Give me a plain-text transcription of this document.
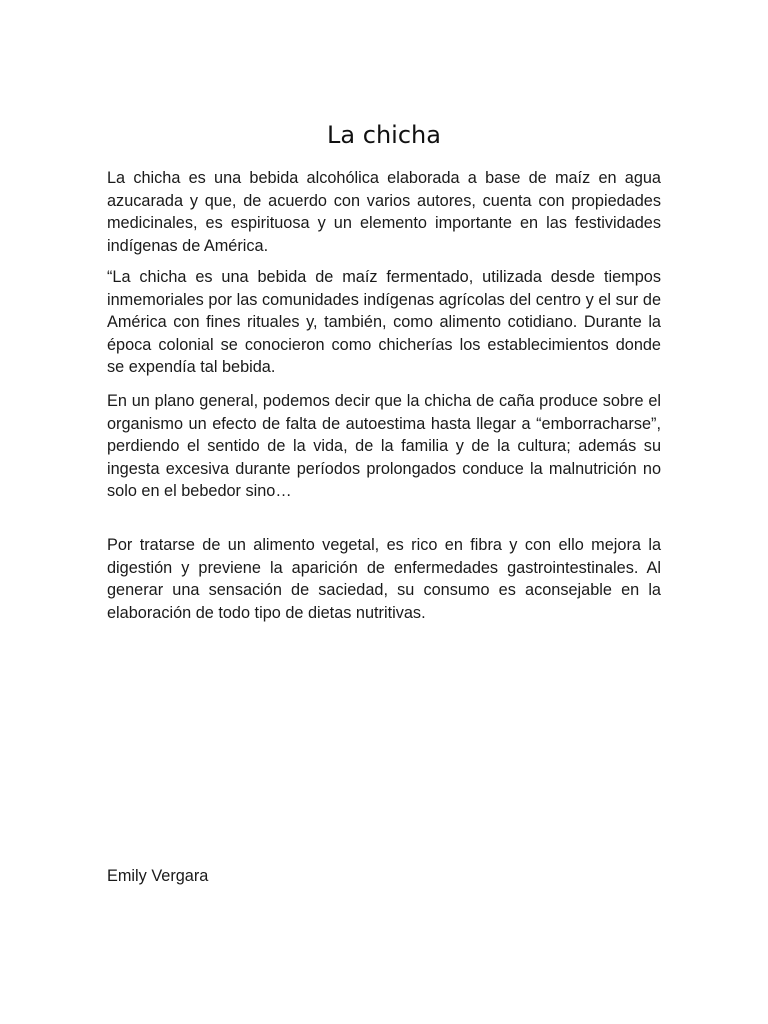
La chicha

La chicha es una bebida alcohólica elaborada a base de maíz en agua azucarada y que, de acuerdo con varios autores, cuenta con propiedades medicinales, es espirituosa y un elemento importante en las festividades indígenas de América.

“La chicha es una bebida de maíz fermentado, utilizada desde tiempos inmemoriales por las comunidades indígenas agrícolas del centro y el sur de América con fines rituales y, también, como alimento cotidiano. Durante la época colonial se conocieron como chicherías los establecimientos donde se expendía tal bebida.

En un plano general, podemos decir que la chicha de caña produce sobre el organismo un efecto de falta de autoestima hasta llegar a “emborracharse”, perdiendo el sentido de la vida, de la familia y de la cultura; además su ingesta excesiva durante períodos prolongados conduce la malnutrición no solo en el bebedor sino…

Por tratarse de un alimento vegetal, es rico en fibra y con ello mejora la digestión y previene la aparición de enfermedades gastrointestinales. Al generar una sensación de saciedad, su consumo es aconsejable en la elaboración de todo tipo de dietas nutritivas.

Emily Vergara
